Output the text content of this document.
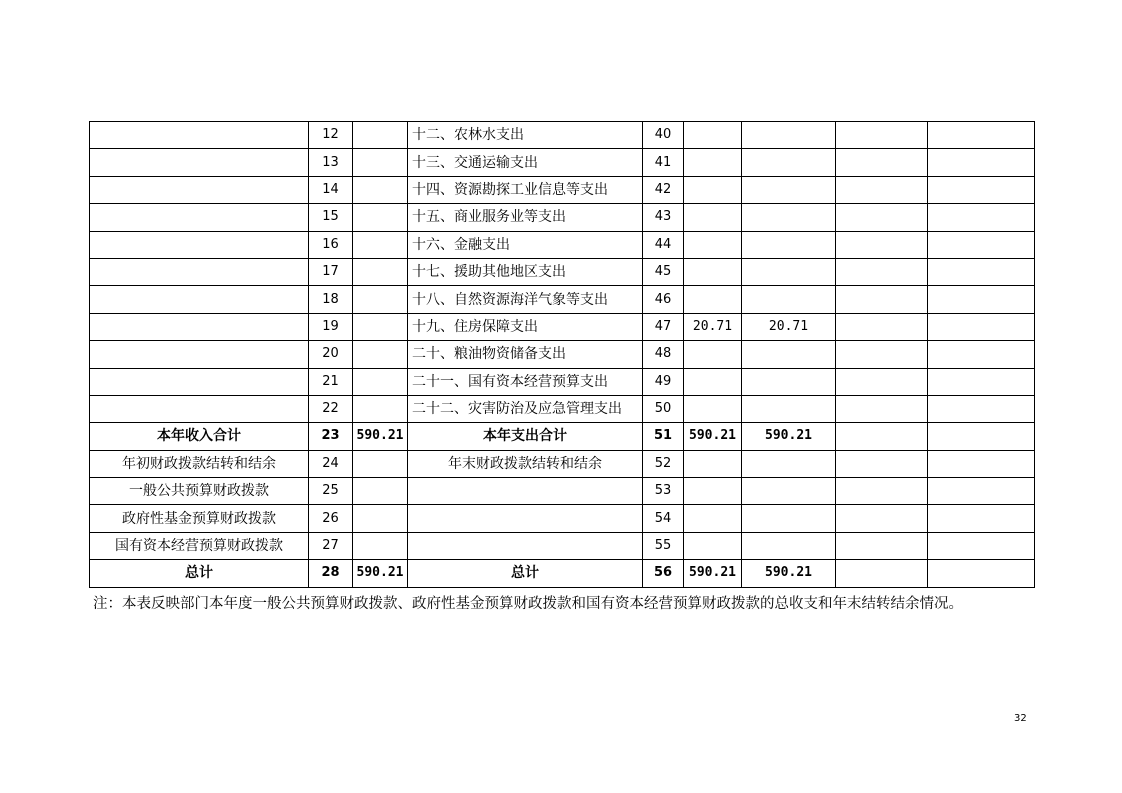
	12		十二、农林水支出	40				
	13		十三、交通运输支出	41				
	14		十四、资源勘探工业信息等支出	42				
	15		十五、商业服务业等支出	43				
	16		十六、金融支出	44				
	17		十七、援助其他地区支出	45				
	18		十八、自然资源海洋气象等支出	46				
	19		十九、住房保障支出	47	20.71	20.71		
	20		二十、粮油物资储备支出	48				
	21		二十一、国有资本经营预算支出	49				
	22		二十二、灾害防治及应急管理支出	50				
本年收入合计	23	590.21	本年支出合计	51	590.21	590.21		
年初财政拨款结转和结余	24		年末财政拨款结转和结余	52				
一般公共预算财政拨款	25			53				
政府性基金预算财政拨款	26			54				
国有资本经营预算财政拨款	27			55				
总计	28	590.21	总计	56	590.21	590.21		
注：本表反映部门本年度一般公共预算财政拨款、政府性基金预算财政拨款和国有资本经营预算财政拨款的总收支和年末结转结余情况。
32
